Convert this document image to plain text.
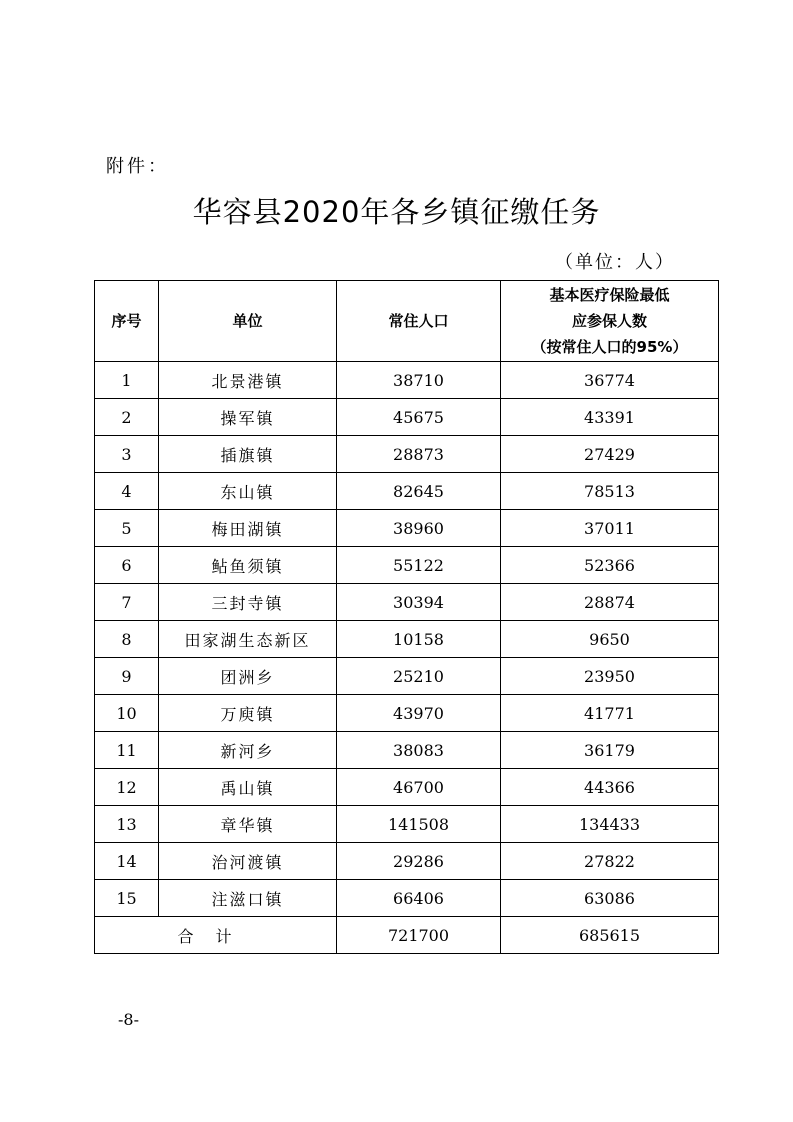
附件：
华容县2020年各乡镇征缴任务
（单位：人）
序号	单位	常住人口	基本医疗保险最低
应参保人数
（按常住人口的95%）

1	北景港镇	38710	36774
2	操军镇	45675	43391
3	插旗镇	28873	27429
4	东山镇	82645	78513
5	梅田湖镇	38960	37011
6	鲇鱼须镇	55122	52366
7	三封寺镇	30394	28874
8	田家湖生态新区	10158	9650
9	团洲乡	25210	23950
10	万庾镇	43970	41771
11	新河乡	38083	36179
12	禹山镇	46700	44366
13	章华镇	141508	134433
14	治河渡镇	29286	27822
15	注滋口镇	66406	63086
合计		721700	685615
-8-
